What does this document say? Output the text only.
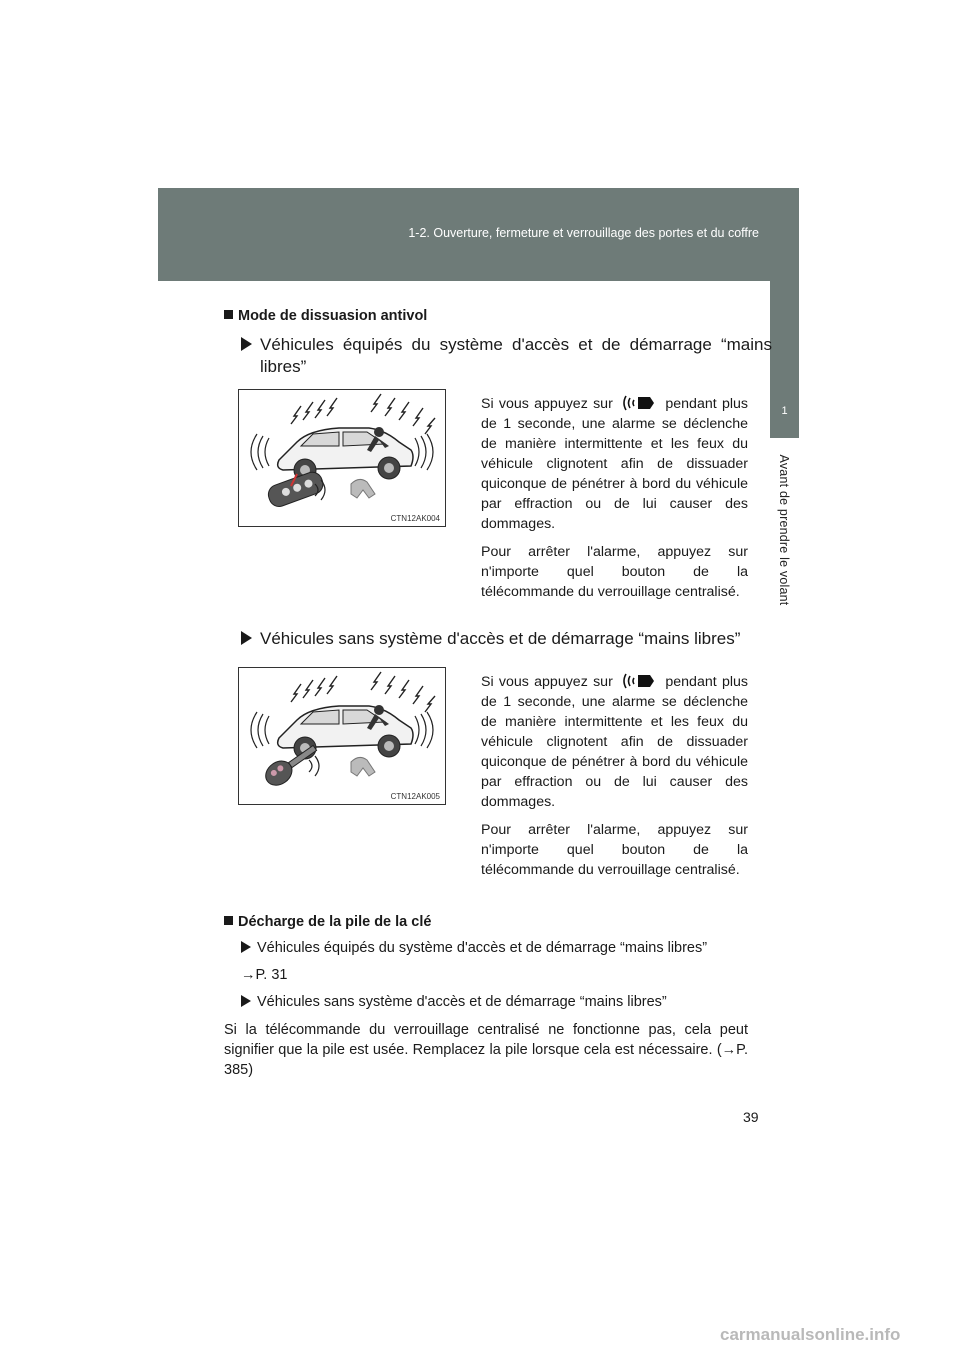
1-2. Ouverture, fermeture et verrouillage des portes et du coffre
1
Avant de prendre le volant
Mode de dissuasion antivol
Véhicules équipés du système d'accès et de démarrage “mains libres”
CTN12AK004

Si vous appuyez sur	pendant plus de 1 seconde, une alarme se déclenche de manière intermittente et les feux du véhicule clignotent afin de dissuader quiconque de pénétrer à bord du véhicule par effraction ou de lui causer des dommages.

Pour arrêter l'alarme, appuyez sur n'importe quel bouton de la télécommande du verrouillage centralisé.

Véhicules sans système d'accès et de démarrage “mains libres”
CTN12AK005

Si vous appuyez sur	pendant plus de 1 seconde, une alarme se déclenche de manière intermittente et les feux du véhicule clignotent afin de dissuader quiconque de pénétrer à bord du véhicule par effraction ou de lui causer des dommages.

Pour arrêter l'alarme, appuyez sur n'importe quel bouton de la télécommande du verrouillage centralisé.

Décharge de la pile de la clé
Véhicules équipés du système d'accès et de démarrage “mains libres”
→P. 31
Véhicules sans système d'accès et de démarrage “mains libres”
Si la télécommande du verrouillage centralisé ne fonctionne pas, cela peut signifier que la pile est usée. Remplacez la pile lorsque cela est nécessaire. (→P. 385)
39
carmanualsonline.info
